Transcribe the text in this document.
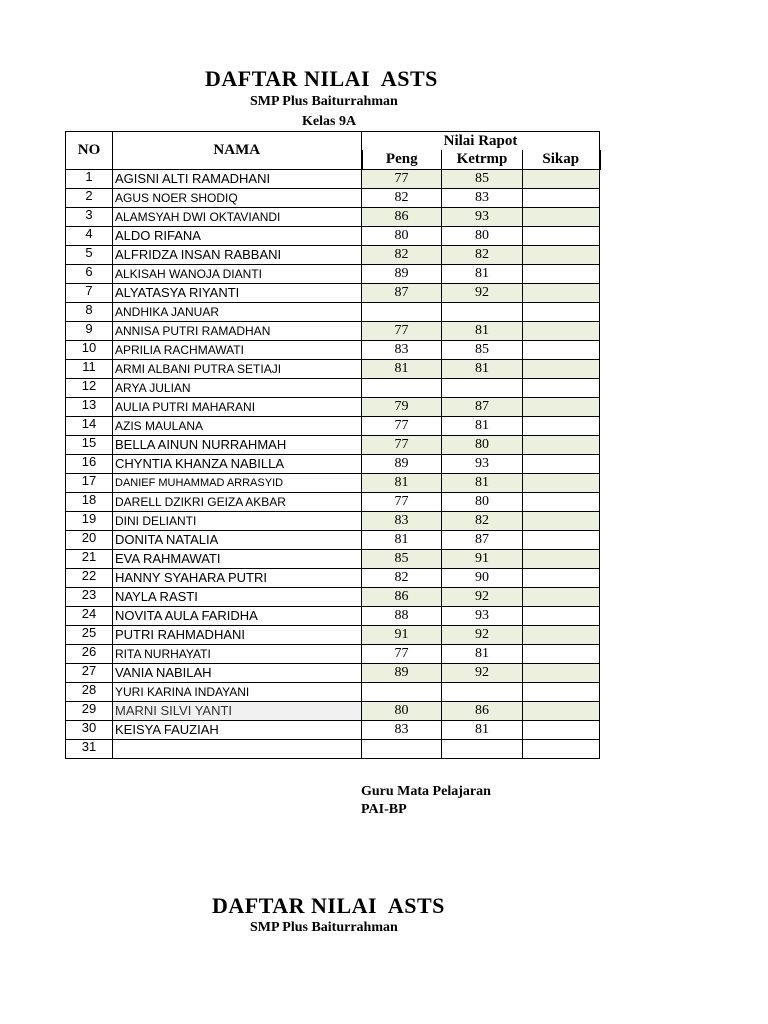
DAFTAR NILAI  ASTS
SMP Plus Baiturrahman
Kelas 9A
NO	NAMA	Nilai Rapot		
		Peng	Ketrmp	Sikap
1	AGISNI ALTI RAMADHANI	77	85	
2	AGUS NOER SHODIQ	82	83	
3	ALAMSYAH DWI OKTAVIANDI	86	93	
4	ALDO RIFANA	80	80	
5	ALFRIDZA INSAN RABBANI	82	82	
6	ALKISAH WANOJA DIANTI	89	81	
7	ALYATASYA RIYANTI	87	92	
8	ANDHIKA JANUAR			
9	ANNISA PUTRI RAMADHAN	77	81	
10	APRILIA RACHMAWATI	83	85	
11	ARMI ALBANI PUTRA SETIAJI	81	81	
12	ARYA JULIAN			
13	AULIA PUTRI MAHARANI	79	87	
14	AZIS MAULANA	77	81	
15	BELLA AINUN NURRAHMAH	77	80	
16	CHYNTIA KHANZA NABILLA	89	93	
17	DANIEF MUHAMMAD ARRASYID	81	81	
18	DARELL DZIKRI GEIZA AKBAR	77	80	
19	DINI DELIANTI	83	82	
20	DONITA NATALIA	81	87	
21	EVA RAHMAWATI	85	91	
22	HANNY SYAHARA PUTRI	82	90	
23	NAYLA RASTI	86	92	
24	NOVITA AULA FARIDHA	88	93	
25	PUTRI RAHMADHANI	91	92	
26	RITA NURHAYATI	77	81	
27	VANIA NABILAH	89	92	
28	YURI KARINA INDAYANI			
29	MARNI SILVI YANTI	80	86	
30	KEISYA FAUZIAH	83	81	
31				
Guru Mata Pelajaran
PAI-BP
DAFTAR NILAI  ASTS
SMP Plus Baiturrahman
